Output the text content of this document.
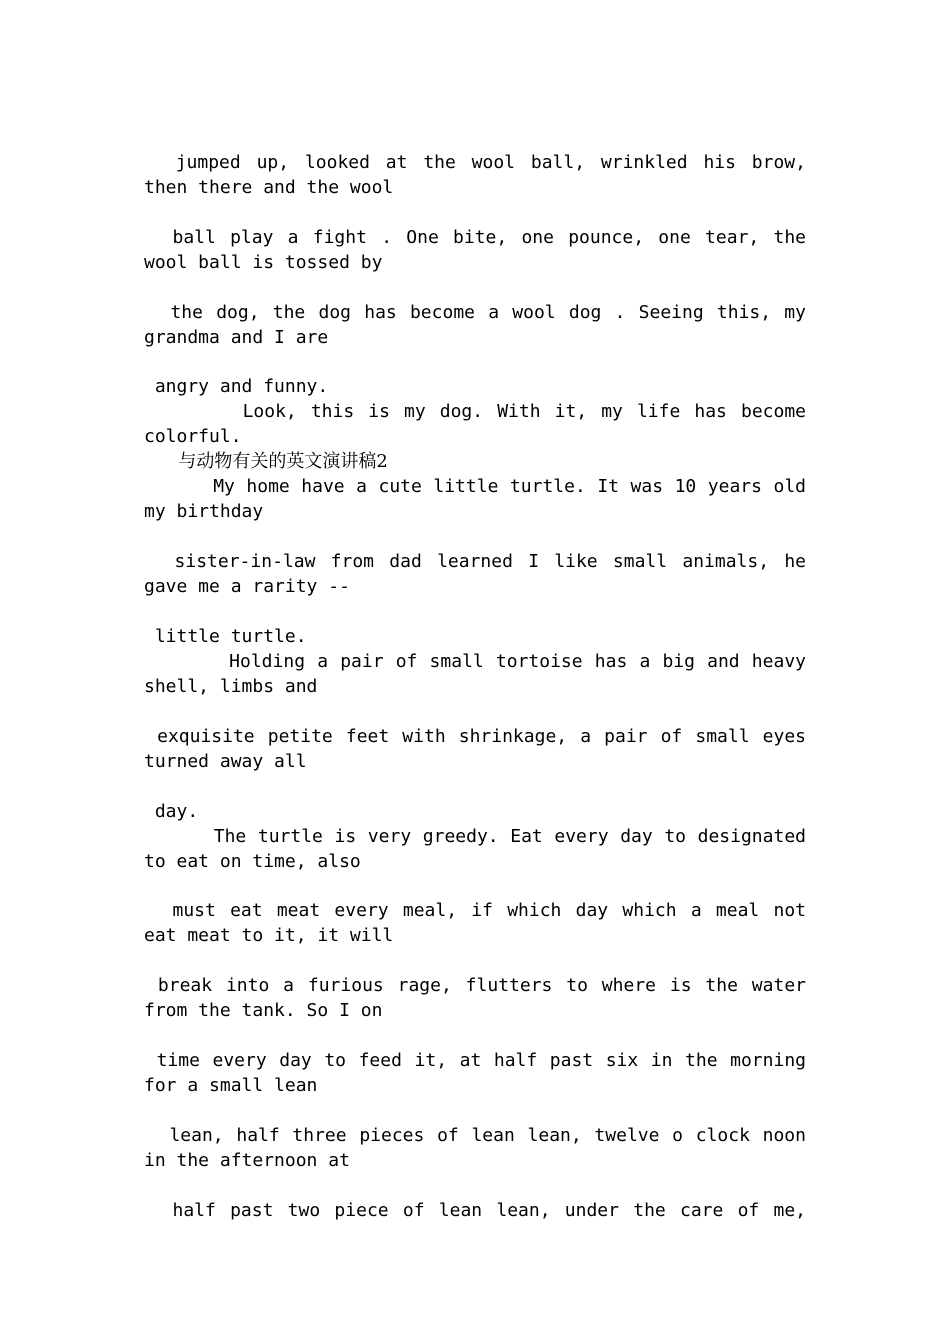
jumped up, looked at the wool ball, wrinkled his brow,
then there and the wool
ball play a fight . One bite, one pounce, one tear, the
wool ball is tossed by
the dog, the dog has become a wool dog . Seeing this, my
grandma and I are
angry and funny.
Look, this is my dog. With it, my life has become
colorful.
与动物有关的英文演讲稿2
My home have a cute little turtle. It was 10 years old
my birthday
sister-in-law from dad learned I like small animals, he
gave me a rarity --
little turtle.
Holding a pair of small tortoise has a big and heavy
shell, limbs and
exquisite petite feet with shrinkage, a pair of small eyes
turned away all
day.
The turtle is very greedy. Eat every day to designated
to eat on time, also
must eat meat every meal, if which day which a meal not
eat meat to it, it will
break into a furious rage, flutters to where is the water
from the tank. So I on
time every day to feed it, at half past six in the morning
for a small lean
lean, half three pieces of lean lean, twelve o clock noon
in the afternoon at
half past two piece of lean lean, under the care of me,
